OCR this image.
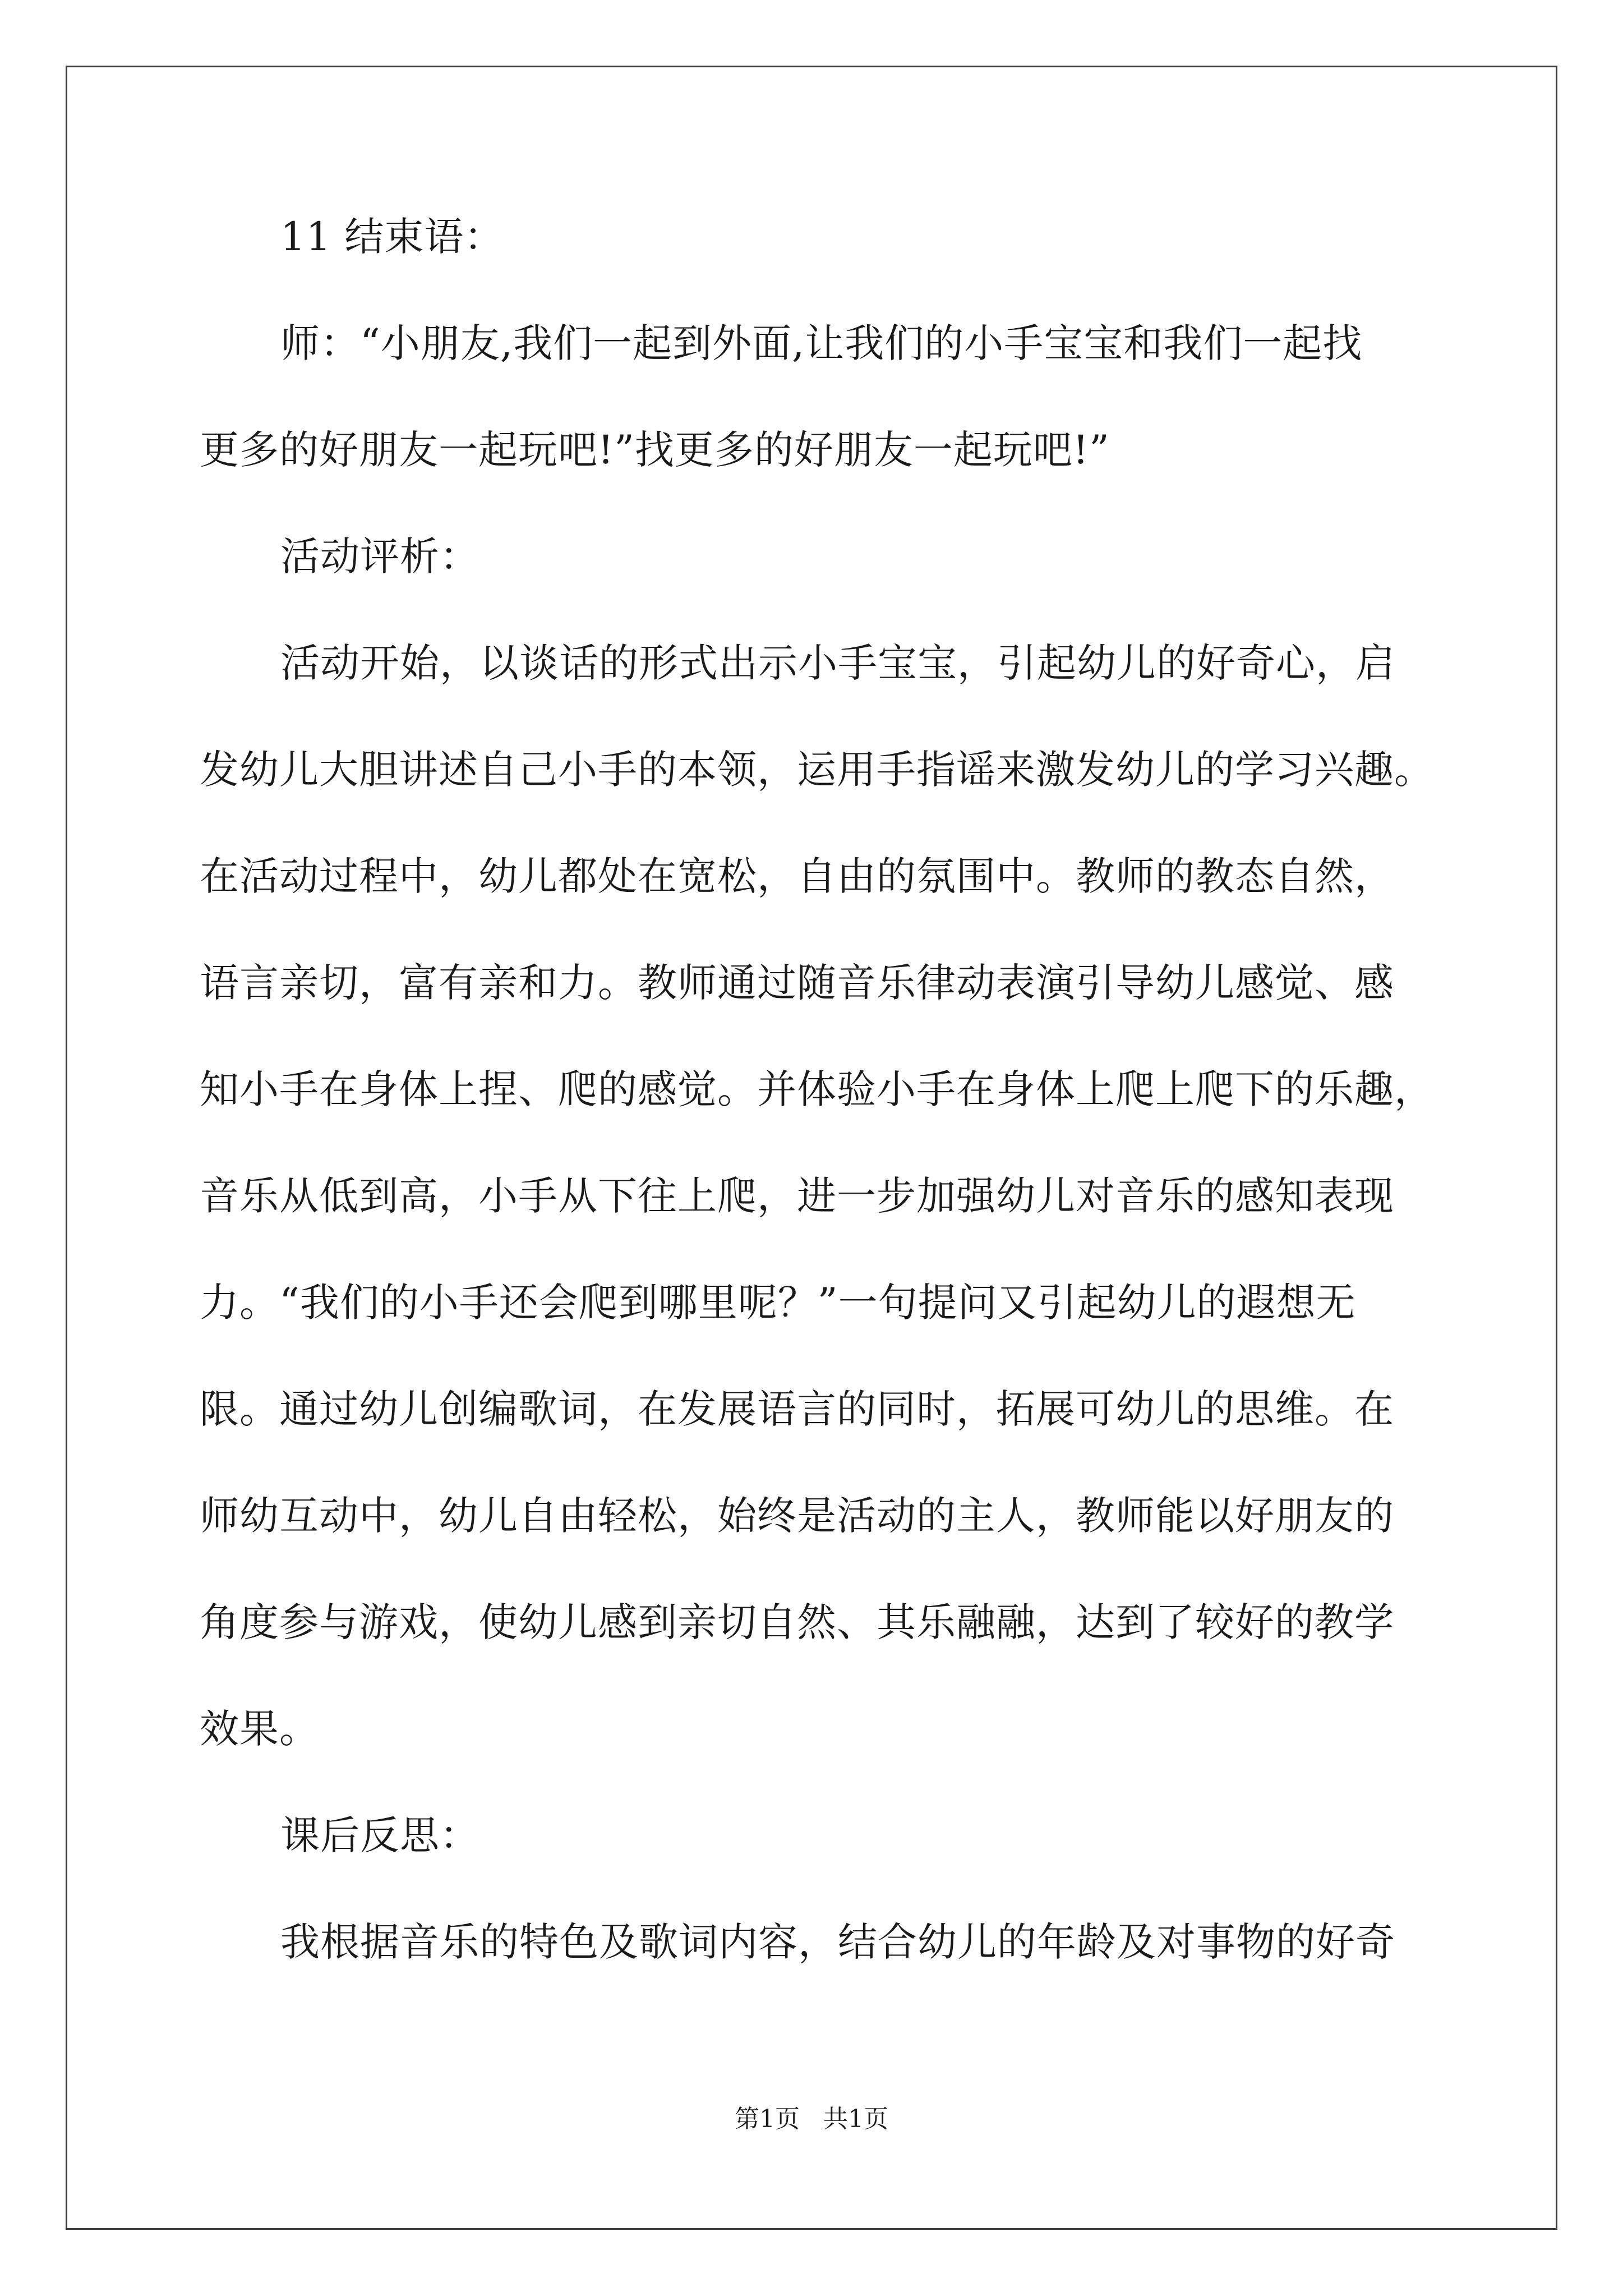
11 结束语：
师：“小朋友,我们一起到外面,让我们的小手宝宝和我们一起找
更多的好朋友一起玩吧!”找更多的好朋友一起玩吧!”
活动评析：
活动开始，以谈话的形式出示小手宝宝，引起幼儿的好奇心，启
发幼儿大胆讲述自己小手的本领，运用手指谣来激发幼儿的学习兴趣。
在活动过程中，幼儿都处在宽松，自由的氛围中。教师的教态自然，
语言亲切，富有亲和力。教师通过随音乐律动表演引导幼儿感觉、感
知小手在身体上捏、爬的感觉。并体验小手在身体上爬上爬下的乐趣，
音乐从低到高，小手从下往上爬，进一步加强幼儿对音乐的感知表现
力。“我们的小手还会爬到哪里呢？”一句提问又引起幼儿的遐想无
限。通过幼儿创编歌词，在发展语言的同时，拓展可幼儿的思维。在
师幼互动中，幼儿自由轻松，始终是活动的主人，教师能以好朋友的
角度参与游戏，使幼儿感到亲切自然、其乐融融，达到了较好的教学
效果。
课后反思：
我根据音乐的特色及歌词内容，结合幼儿的年龄及对事物的好奇
第1页   共1页
